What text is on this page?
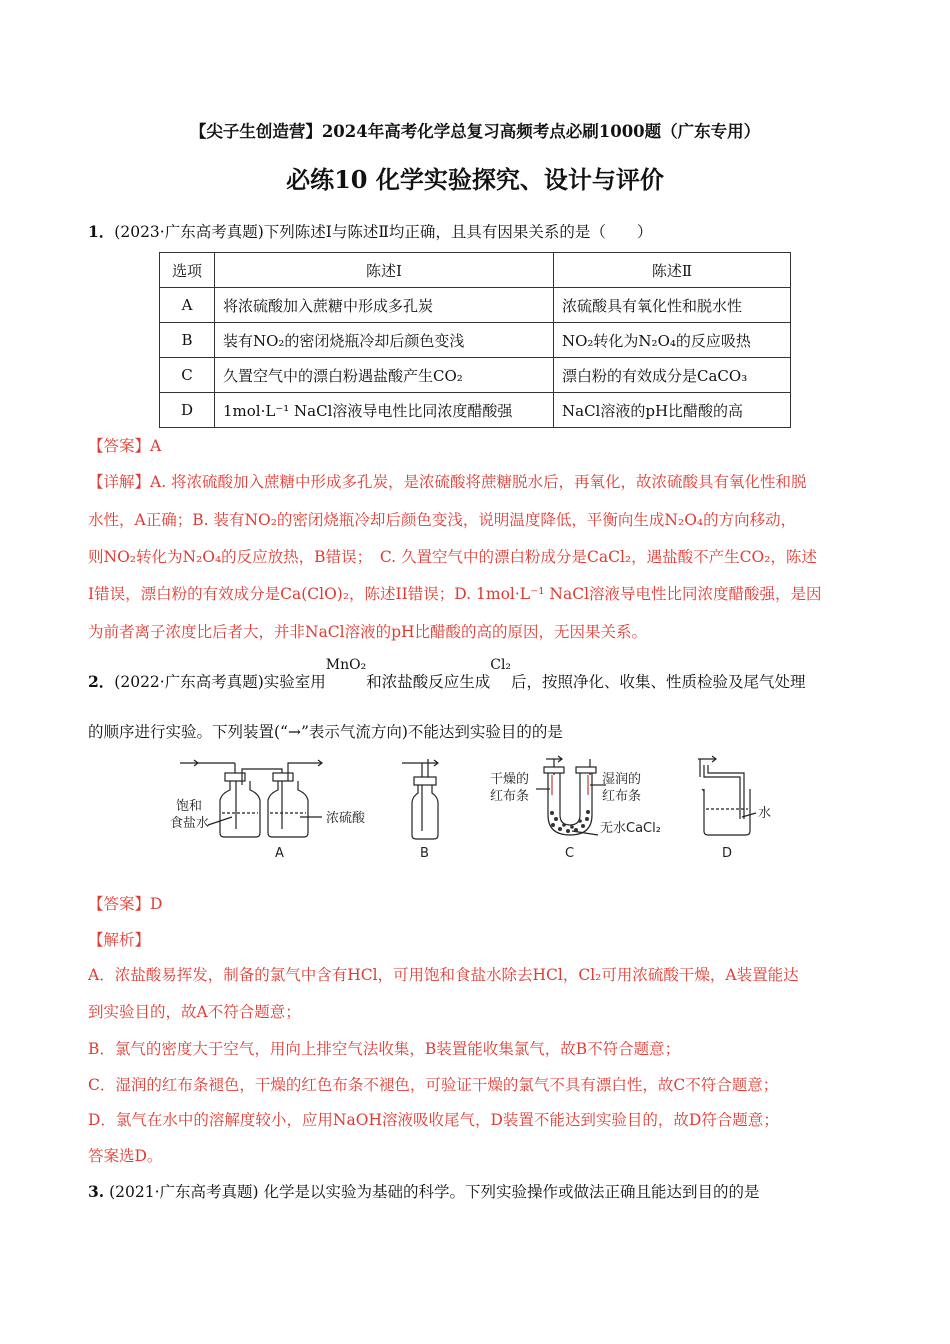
【尖子生创造营】2024年高考化学总复习高频考点必刷1000题（广东专用）
必练10 化学实验探究、设计与评价
1．(2023·广东高考真题)下列陈述Ⅰ与陈述Ⅱ均正确，且具有因果关系的是（　　）
选项	陈述Ⅰ	陈述Ⅱ
A	将浓硫酸加入蔗糖中形成多孔炭	浓硫酸具有氧化性和脱水性
B	装有NO₂的密闭烧瓶冷却后颜色变浅	NO₂转化为N₂O₄的反应吸热
C	久置空气中的漂白粉遇盐酸产生CO₂	漂白粉的有效成分是CaCO₃
D	1mol·L⁻¹ NaCl溶液导电性比同浓度醋酸强	NaCl溶液的pH比醋酸的高
【答案】A
【详解】A. 将浓硫酸加入蔗糖中形成多孔炭，是浓硫酸将蔗糖脱水后，再氧化，故浓硫酸具有氧化性和脱
水性，A正确；B. 装有NO₂的密闭烧瓶冷却后颜色变浅，说明温度降低，平衡向生成N₂O₄的方向移动，
则NO₂转化为N₂O₄的反应放热，B错误；　C. 久置空气中的漂白粉成分是CaCl₂，遇盐酸不产生CO₂，陈述
I错误，漂白粉的有效成分是Ca(ClO)₂，陈述II错误；D. 1mol·L⁻¹ NaCl溶液导电性比同浓度醋酸强，是因
为前者离子浓度比后者大，并非NaCl溶液的pH比醋酸的高的原因，无因果关系。
2．(2022·广东高考真题)实验室用MnO₂和浓盐酸反应生成Cl₂后，按照净化、收集、性质检验及尾气处理
的顺序进行实验。下列装置(“→”表示气流方向)不能达到实验目的的是
饱和
食盐水	浓硫酸
A	B
干燥的
红布条
湿润的
红布条
无水CaCl₂
C
水
D
【答案】D
【解析】
A．浓盐酸易挥发，制备的氯气中含有HCl，可用饱和食盐水除去HCl，Cl₂可用浓硫酸干燥，A装置能达
到实验目的，故A不符合题意；
B．氯气的密度大于空气，用向上排空气法收集，B装置能收集氯气，故B不符合题意；
C．湿润的红布条褪色，干燥的红色布条不褪色，可验证干燥的氯气不具有漂白性，故C不符合题意；
D．氯气在水中的溶解度较小，应用NaOH溶液吸收尾气，D装置不能达到实验目的，故D符合题意；
答案选D。
3. (2021·广东高考真题) 化学是以实验为基础的科学。下列实验操作或做法正确且能达到目的的是
